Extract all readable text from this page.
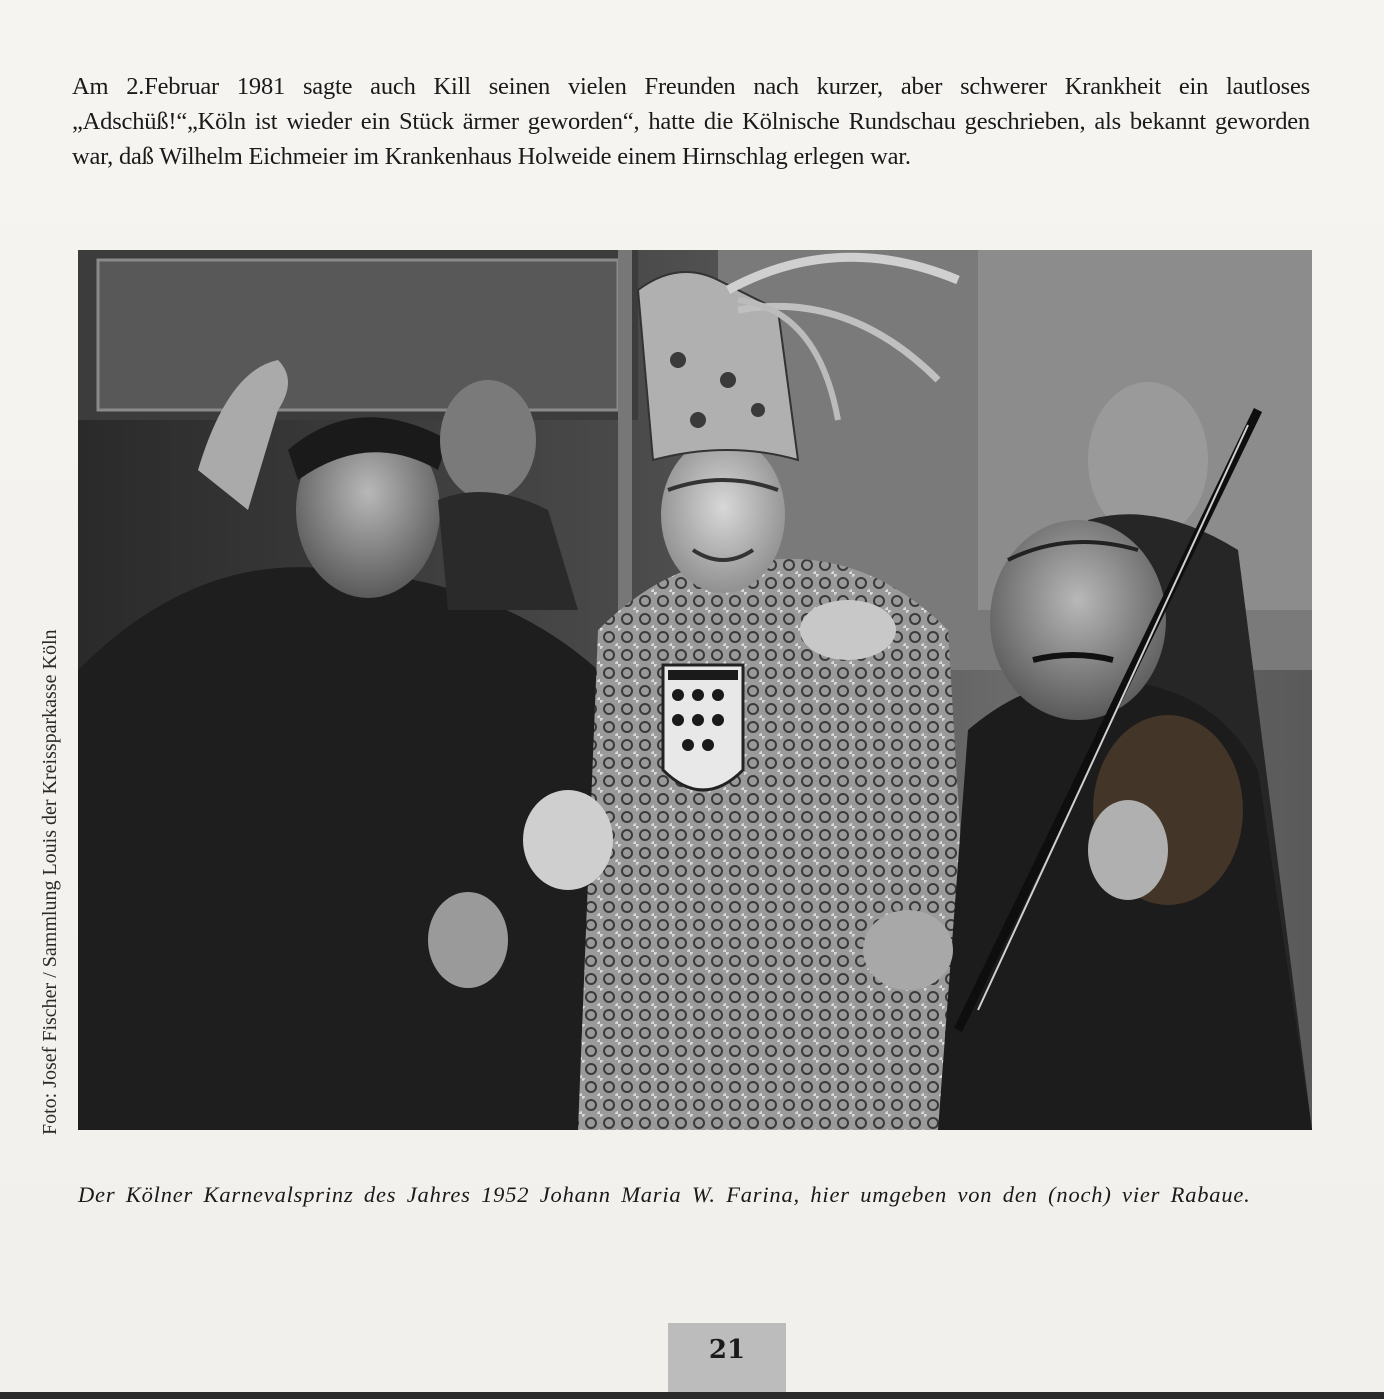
Am 2.Februar 1981 sagte auch Kill seinen vielen Freunden nach kurzer, aber schwerer Krankheit ein lautloses „Adschüß!“„Köln ist wieder ein Stück ärmer geworden“, hatte die Kölnische Rundschau geschrieben, als bekannt geworden war, daß Wilhelm Eichmeier im Krankenhaus Holweide einem Hirnschlag erlegen war.

Foto: Josef Fischer / Sammlung Louis der Kreissparkasse Köln

Der Kölner Karnevalsprinz des Jahres 1952 Johann Maria W. Farina, hier umgeben von den (noch) vier Rabaue.

21
